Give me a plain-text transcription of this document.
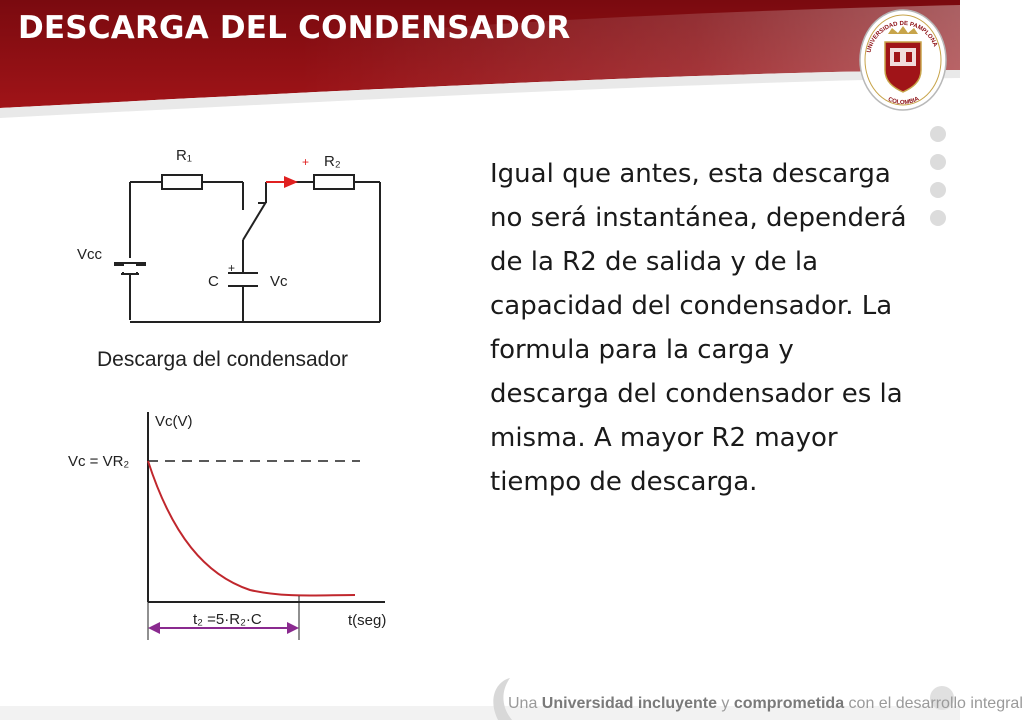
DESCARGA DEL CONDENSADOR
UNIVERSIDAD DE PAMPLONA
COLOMBIA
R₁	R₂
+
Vcc
C
+
Vc
Descarga del condensador
Vc(V)
Vc = VR₂
t(seg)
t₂ =5·R₂·C
Igual que antes, esta descarga no será instantánea, dependerá de la R2 de salida y de la capacidad del condensador. La formula para la carga y descarga del condensador es la misma. A mayor R2 mayor tiempo de descarga.
Una Universidad incluyente y comprometida con el desarrollo integral
